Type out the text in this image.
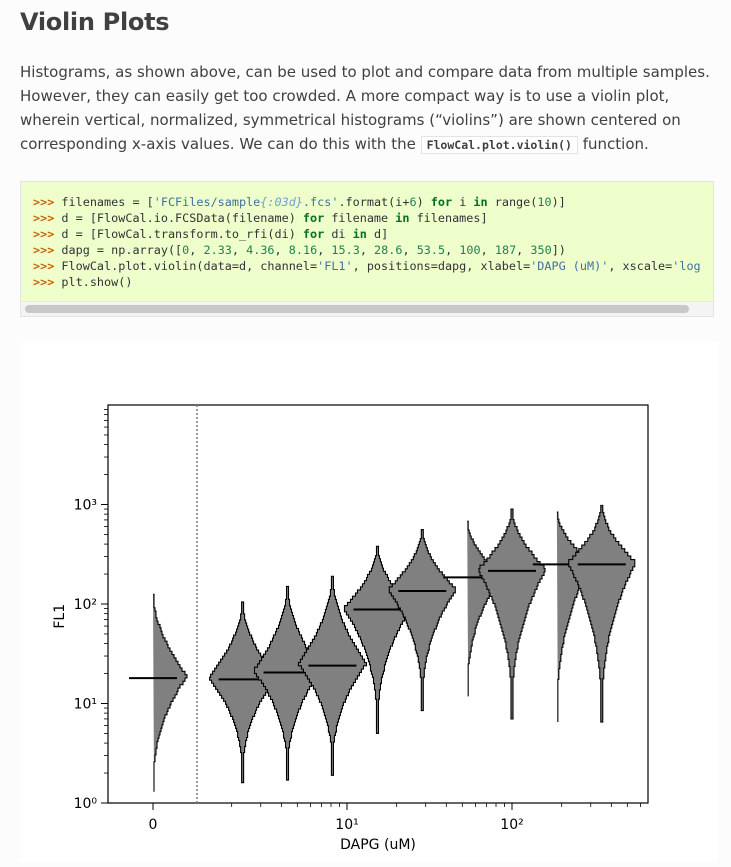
Violin Plots
Histograms, as shown above, can be used to plot and compare data from multiple samples. However, they can easily get too crowded. A more compact way is to use a violin plot, wherein vertical, normalized, symmetrical histograms (“violins”) are shown centered on corresponding x-axis values. We can do this with the FlowCal.plot.violin() function.
>>> filenames = ['FCFiles/sample{:03d}.fcs'.format(i+6) for i in range(10)]
>>> d = [FlowCal.io.FCSData(filename) for filename in filenames]
>>> d = [FlowCal.transform.to_rfi(di) for di in d]
>>> dapg = np.array([0, 2.33, 4.36, 8.16, 15.3, 28.6, 53.5, 100, 187, 350])
>>> FlowCal.plot.violin(data=d, channel='FL1', positions=dapg, xlabel='DAPG (uM)', xscale='log
>>> plt.show()
10⁰
10¹
10²
10³
0	10¹	10²
DAPG (uM)
FL1
